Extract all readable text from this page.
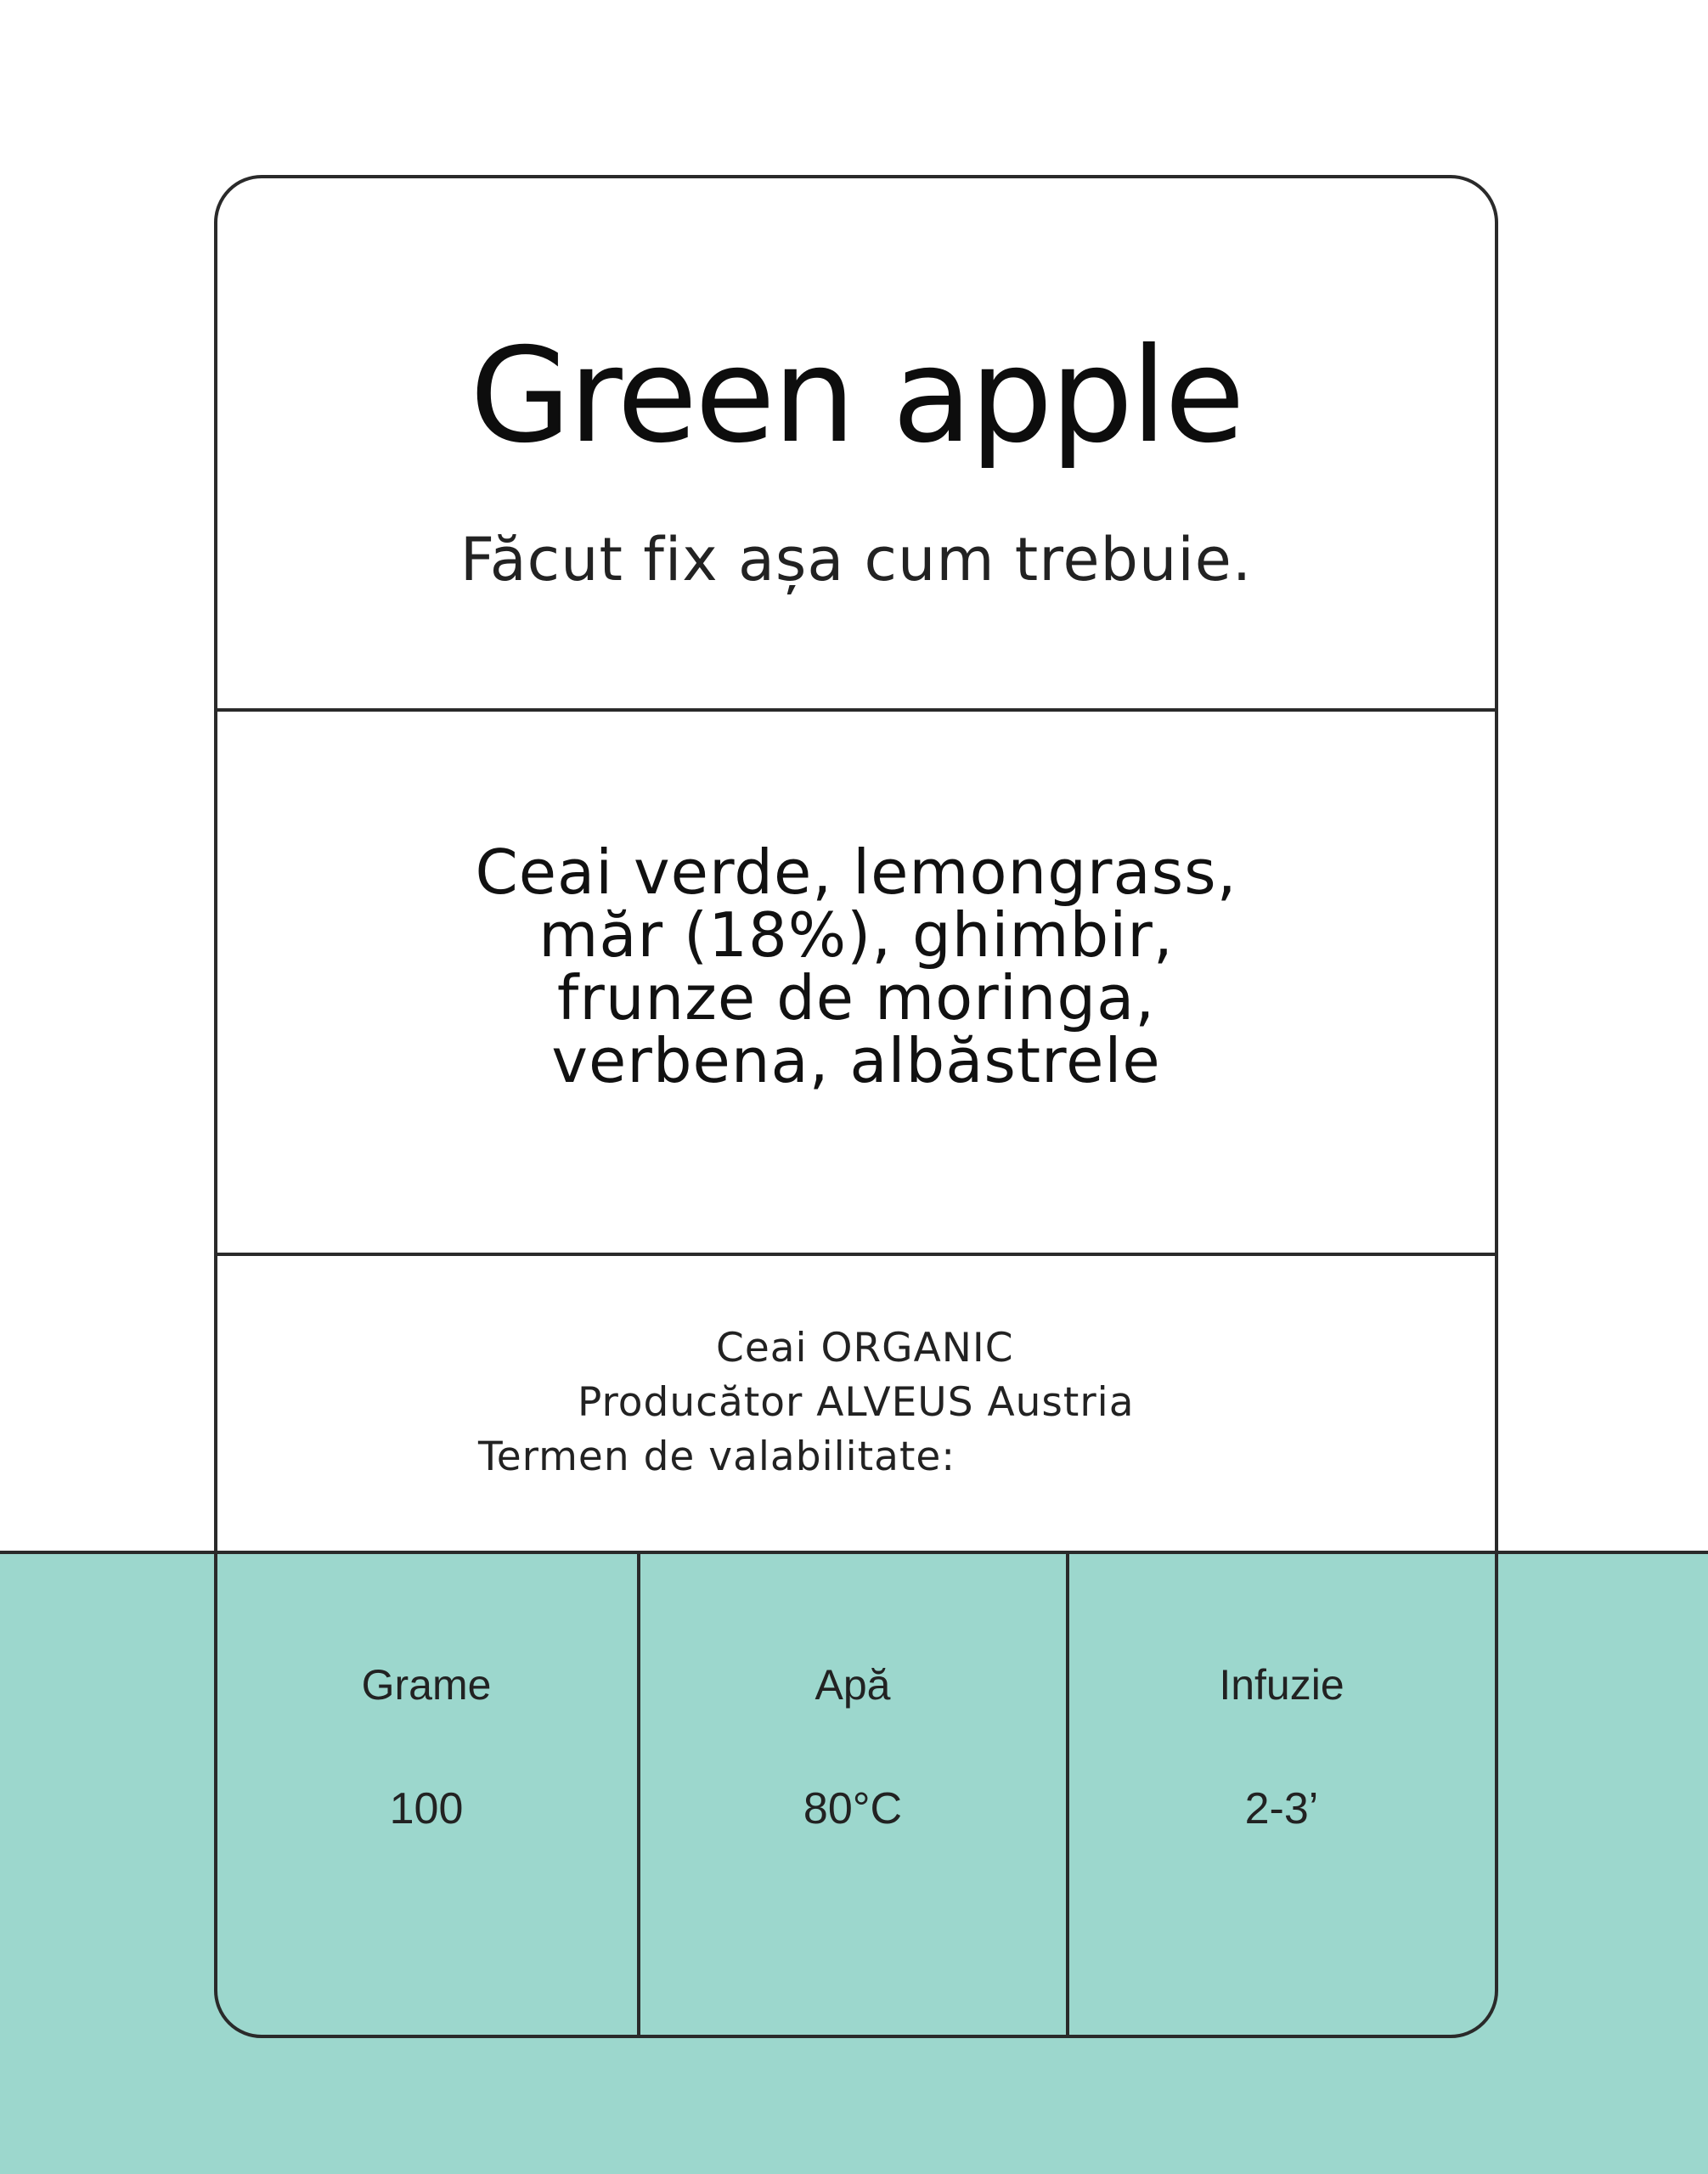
Green apple
Făcut fix așa cum trebuie.
Ceai verde, lemongrass,
măr (18%), ghimbir,
frunze de moringa,
verbena, albăstrele
Ceai ORGANIC
Producător ALVEUS Austria
Termen de valabilitate:
Grame
100
Apă
80°C
Infuzie
2-3’
